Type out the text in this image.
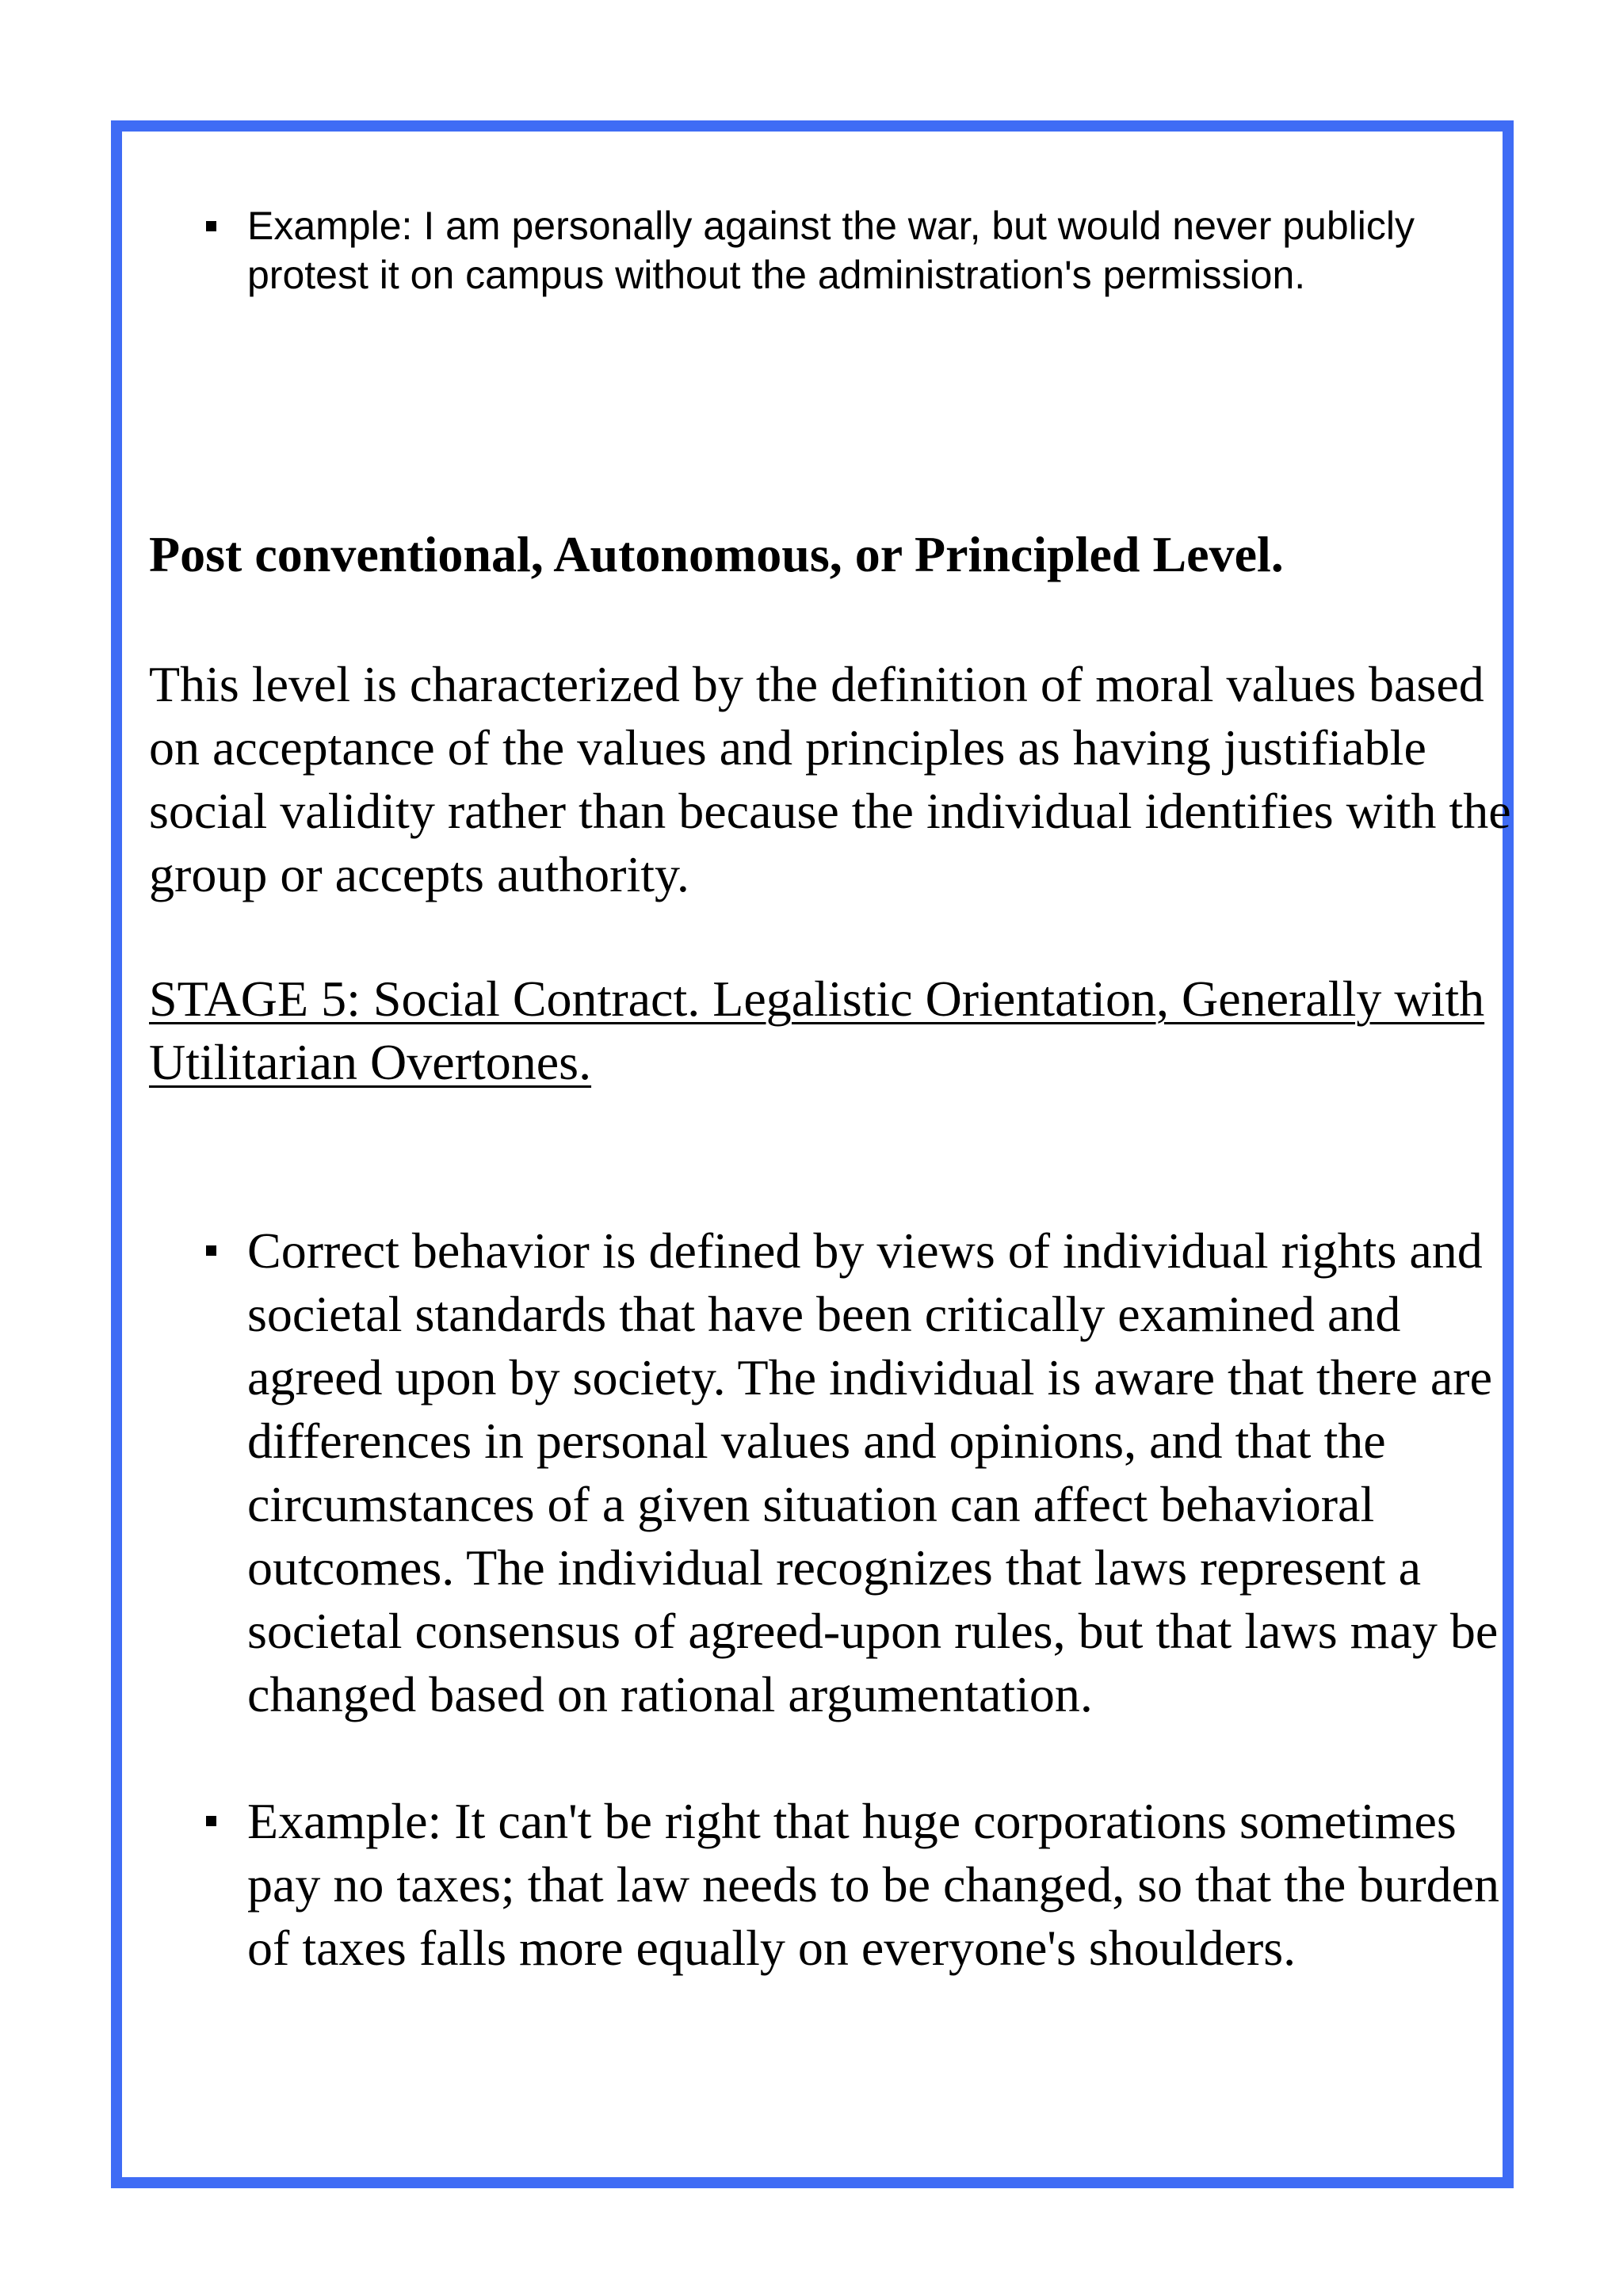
Example: I am personally against the war, but would never publicly protest it on campus without the administration's permission.
Post conventional, Autonomous, or Principled Level.

This level is characterized by the definition of moral values based on acceptance of the values and principles as having justifiable social validity rather than because the individual identifies with the group or accepts authority.

STAGE 5: Social Contract. Legalistic Orientation, Generally with Utilitarian Overtones.

Correct behavior is defined by views of individual rights and societal standards that have been critically examined and agreed upon by society. The individual is aware that there are differences in personal values and opinions, and that the circumstances of a given situation can affect behavioral outcomes. The individual recognizes that laws represent a societal consensus of agreed-upon rules, but that laws may be changed based on rational argumentation.
Example: It can't be right that huge corporations sometimes pay no taxes; that law needs to be changed, so that the burden of taxes falls more equally on everyone's shoulders.
